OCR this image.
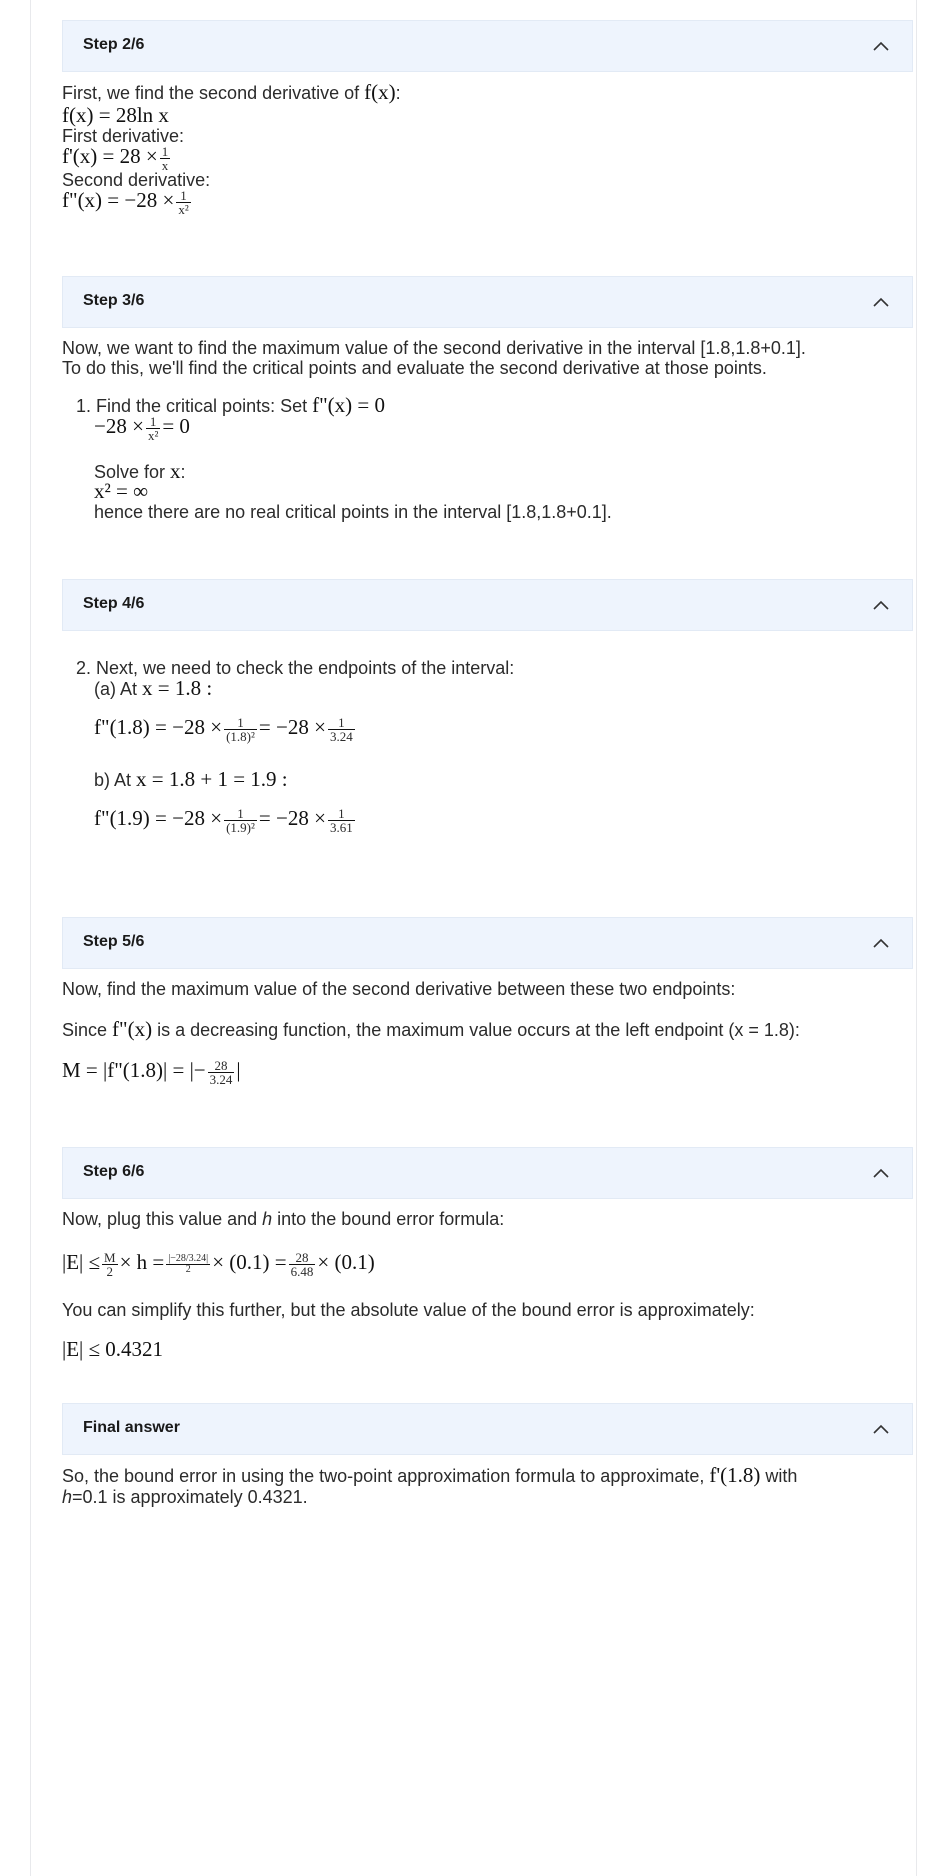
Step 2/6
First, we find the second derivative of f(x):
f(x) = 28ln x
First derivative:
$f'(x) = 28 \times \frac{1}{x}$
Second derivative:
f"(x) = $-28 \times \frac{1}{\text{x²}}$
Step 3/6
Now, we want to find the maximum value of the second derivative in the interval [1.8,1.8+0.1].
To do this, we'll find the critical points and evaluate the second derivative at those points.
1. Find the critical points: Set f"(x) = 0
$-28 \times \frac{1}{\text{x²}} = 0$
Solve for x:
x² = ∞
hence there are no real critical points in the interval [1.8,1.8+0.1].
Step 4/6
2. Next, we need to check the endpoints of the interval:
(a) At x = 1.8 :
f"(1.8) = $-28 \times \frac{1}{\text{(1.8)²}} = -28 \times \frac{1}{3.24}$
b) At x = 1.8 + 1 = 1.9 :
f"(1.9) = $-28 \times \frac{1}{\text{(1.9)²}} = -28 \times \frac{1}{3.61}$
Step 5/6
Now, find the maximum value of the second derivative between these two endpoints:
Since f"(x) is a decreasing function, the maximum value occurs at the left endpoint (x = 1.8):
M = |f"(1.8)| = |− $\frac{28}{3.24}$ |
Step 6/6
Now, plug this value and h into the bound error formula:
$|E| \le \frac{M}{2} \times h = \frac{|-28/3.24|}{2} \times (0.1) = \frac{28}{6.48} \times (0.1)$
You can simplify this further, but the absolute value of the bound error is approximately:
|E| ≤ 0.4321
Final answer
So, the bound error in using the two-point approximation formula to approximate, f'(1.8) with
h=0.1 is approximately 0.4321.
